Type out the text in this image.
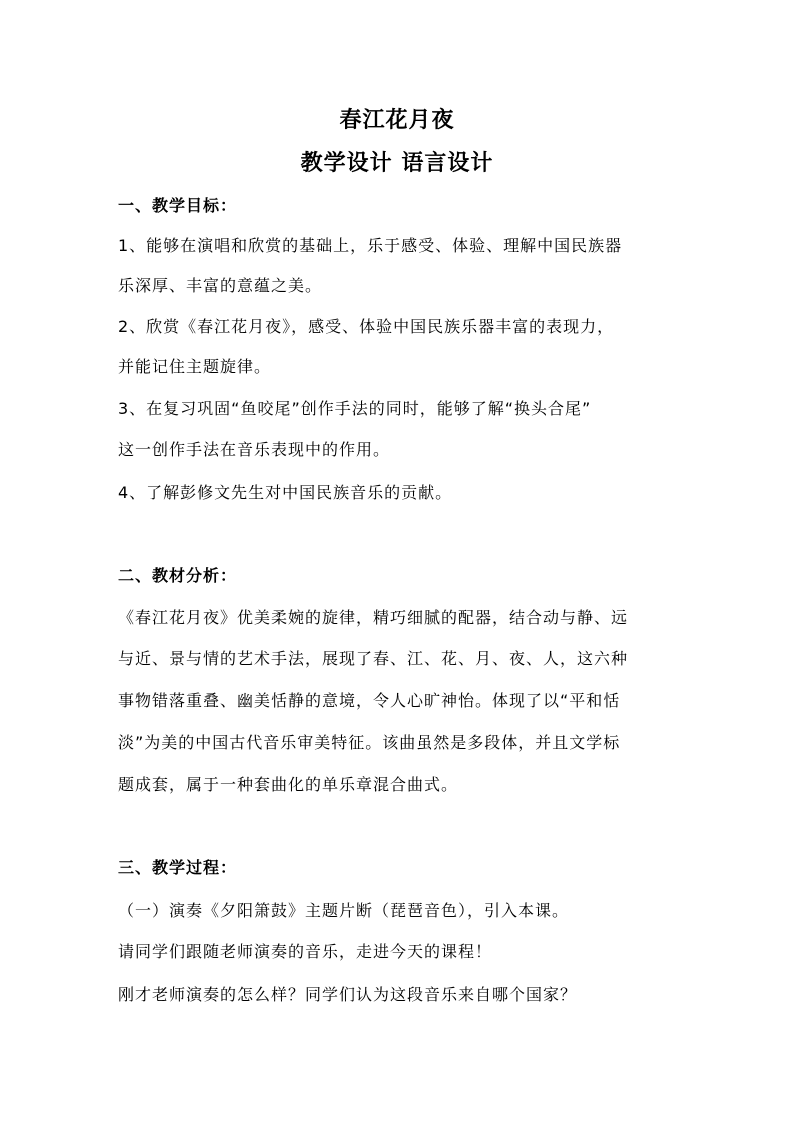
春江花月夜
教学设计 语言设计
一、教学目标：
1、能够在演唱和欣赏的基础上，乐于感受、体验、理解中国民族器
乐深厚、丰富的意蕴之美。
2、欣赏《春江花月夜》，感受、体验中国民族乐器丰富的表现力，
并能记住主题旋律。
3、在复习巩固“鱼咬尾”创作手法的同时，能够了解“换头合尾”
这一创作手法在音乐表现中的作用。
4、了解彭修文先生对中国民族音乐的贡献。
二、教材分析：
《春江花月夜》优美柔婉的旋律，精巧细腻的配器，结合动与静、远
与近、景与情的艺术手法，展现了春、江、花、月、夜、人，这六种
事物错落重叠、幽美恬静的意境，令人心旷神怡。体现了以“平和恬
淡”为美的中国古代音乐审美特征。该曲虽然是多段体，并且文学标
题成套，属于一种套曲化的单乐章混合曲式。
三、教学过程：
（一）演奏《夕阳箫鼓》主题片断（琵琶音色），引入本课。
请同学们跟随老师演奏的音乐，走进今天的课程！
刚才老师演奏的怎么样？同学们认为这段音乐来自哪个国家？
